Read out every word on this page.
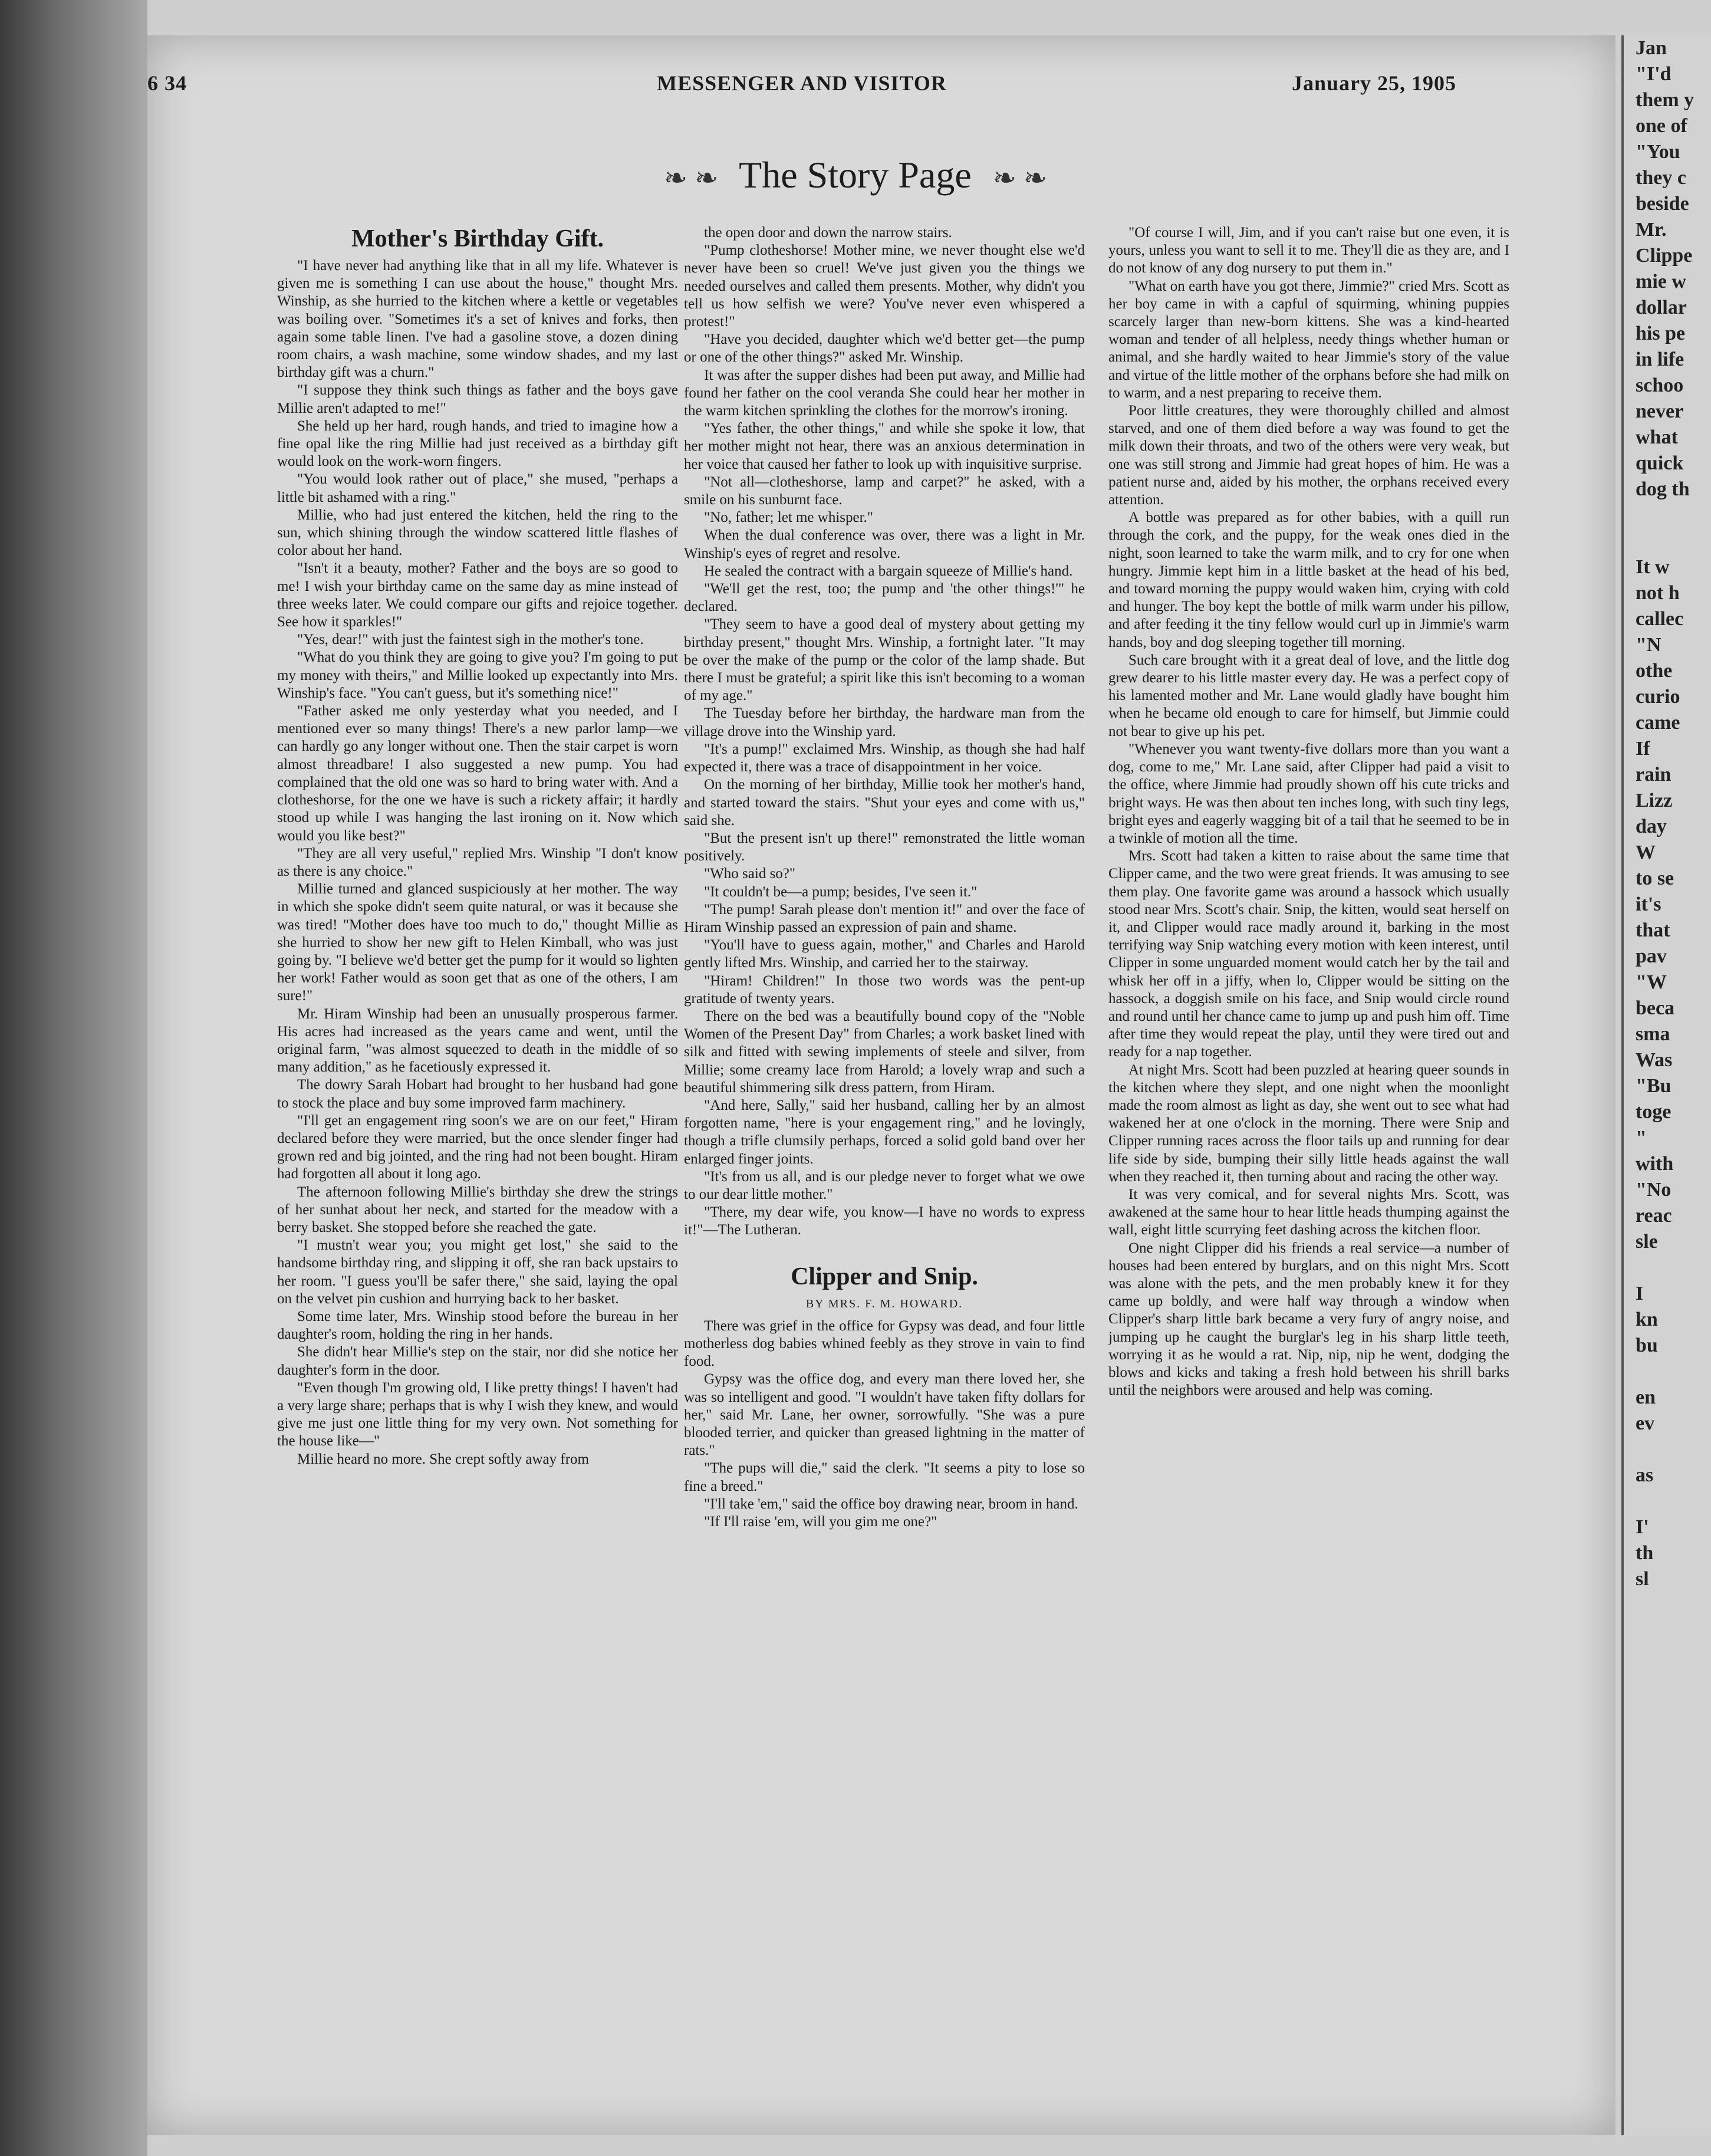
Jan
"I'd
them y
one of
"You
they c
beside
Mr.
Clippe
mie w
dollar
his pe
in life
schoo
never
what
quick
dog th

It w
not h
callec
"N
othe
curio
came
If
rain
Lizz
day
W
to se
it's
that
pav
"W
beca
sma
Was
"Bu
toge
"
with
"No
reac
sle

I
kn
bu

en
ev

as

I'
th
sl
6 34	MESSENGER AND VISITOR	January 25, 1905
❧ ❧ The Story Page ❧ ❧
Mother's Birthday Gift.

"I have never had anything like that in all my life. Whatever is given me is something I can use about the house," thought Mrs. Winship, as she hurried to the kitchen where a kettle or vegetables was boiling over. "Sometimes it's a set of knives and forks, then again some table linen. I've had a gasoline stove, a dozen dining room chairs, a wash machine, some window shades, and my last birthday gift was a churn."

"I suppose they think such things as father and the boys gave Millie aren't adapted to me!"

She held up her hard, rough hands, and tried to imagine how a fine opal like the ring Millie had just received as a birthday gift would look on the work-worn fingers.

"You would look rather out of place," she mused, "perhaps a little bit ashamed with a ring."

Millie, who had just entered the kitchen, held the ring to the sun, which shining through the window scattered little flashes of color about her hand.

"Isn't it a beauty, mother? Father and the boys are so good to me! I wish your birthday came on the same day as mine instead of three weeks later. We could compare our gifts and rejoice together. See how it sparkles!"

"Yes, dear!" with just the faintest sigh in the mother's tone.

"What do you think they are going to give you? I'm going to put my money with theirs," and Millie looked up expectantly into Mrs. Winship's face. "You can't guess, but it's something nice!"

"Father asked me only yesterday what you needed, and I mentioned ever so many things! There's a new parlor lamp—we can hardly go any longer without one. Then the stair carpet is worn almost threadbare! I also suggested a new pump. You had complained that the old one was so hard to bring water with. And a clotheshorse, for the one we have is such a rickety affair; it hardly stood up while I was hanging the last ironing on it. Now which would you like best?"

"They are all very useful," replied Mrs. Winship "I don't know as there is any choice."

Millie turned and glanced suspiciously at her mother. The way in which she spoke didn't seem quite natural, or was it because she was tired! "Mother does have too much to do," thought Millie as she hurried to show her new gift to Helen Kimball, who was just going by. "I believe we'd better get the pump for it would so lighten her work! Father would as soon get that as one of the others, I am sure!"

Mr. Hiram Winship had been an unusually prosperous farmer. His acres had increased as the years came and went, until the original farm, "was almost squeezed to death in the middle of so many addition," as he facetiously expressed it.

The dowry Sarah Hobart had brought to her husband had gone to stock the place and buy some improved farm machinery.

"I'll get an engagement ring soon's we are on our feet," Hiram declared before they were married, but the once slender finger had grown red and big jointed, and the ring had not been bought. Hiram had forgotten all about it long ago.

The afternoon following Millie's birthday she drew the strings of her sunhat about her neck, and started for the meadow with a berry basket. She stopped before she reached the gate.

"I mustn't wear you; you might get lost," she said to the handsome birthday ring, and slipping it off, she ran back upstairs to her room. "I guess you'll be safer there," she said, laying the opal on the velvet pin cushion and hurrying back to her basket.

Some time later, Mrs. Winship stood before the bureau in her daughter's room, holding the ring in her hands.

She didn't hear Millie's step on the stair, nor did she notice her daughter's form in the door.

"Even though I'm growing old, I like pretty things! I haven't had a very large share; perhaps that is why I wish they knew, and would give me just one little thing for my very own. Not something for the house like—"

Millie heard no more. She crept softly away from

the open door and down the narrow stairs.

"Pump clotheshorse! Mother mine, we never thought else we'd never have been so cruel! We've just given you the things we needed ourselves and called them presents. Mother, why didn't you tell us how selfish we were? You've never even whispered a protest!"

"Have you decided, daughter which we'd better get—the pump or one of the other things?" asked Mr. Winship.

It was after the supper dishes had been put away, and Millie had found her father on the cool veranda She could hear her mother in the warm kitchen sprinkling the clothes for the morrow's ironing.

"Yes father, the other things," and while she spoke it low, that her mother might not hear, there was an anxious determination in her voice that caused her father to look up with inquisitive surprise.

"Not all—clotheshorse, lamp and carpet?" he asked, with a smile on his sunburnt face.

"No, father; let me whisper."

When the dual conference was over, there was a light in Mr. Winship's eyes of regret and resolve.

He sealed the contract with a bargain squeeze of Millie's hand.

"We'll get the rest, too; the pump and 'the other things!'" he declared.

"They seem to have a good deal of mystery about getting my birthday present," thought Mrs. Winship, a fortnight later. "It may be over the make of the pump or the color of the lamp shade. But there I must be grateful; a spirit like this isn't becoming to a woman of my age."

The Tuesday before her birthday, the hardware man from the village drove into the Winship yard.

"It's a pump!" exclaimed Mrs. Winship, as though she had half expected it, there was a trace of disappointment in her voice.

On the morning of her birthday, Millie took her mother's hand, and started toward the stairs. "Shut your eyes and come with us," said she.

"But the present isn't up there!" remonstrated the little woman positively.

"Who said so?"

"It couldn't be—a pump; besides, I've seen it."

"The pump! Sarah please don't mention it!" and over the face of Hiram Winship passed an expression of pain and shame.

"You'll have to guess again, mother," and Charles and Harold gently lifted Mrs. Winship, and carried her to the stairway.

"Hiram! Children!" In those two words was the pent-up gratitude of twenty years.

There on the bed was a beautifully bound copy of the "Noble Women of the Present Day" from Charles; a work basket lined with silk and fitted with sewing implements of steele and silver, from Millie; some creamy lace from Harold; a lovely wrap and such a beautiful shimmering silk dress pattern, from Hiram.

"And here, Sally," said her husband, calling her by an almost forgotten name, "here is your engagement ring," and he lovingly, though a trifle clumsily perhaps, forced a solid gold band over her enlarged finger joints.

"It's from us all, and is our pledge never to forget what we owe to our dear little mother."

"There, my dear wife, you know—I have no words to express it!"—The Lutheran.

Clipper and Snip.
BY MRS. F. M. HOWARD.

There was grief in the office for Gypsy was dead, and four little motherless dog babies whined feebly as they strove in vain to find food.

Gypsy was the office dog, and every man there loved her, she was so intelligent and good. "I wouldn't have taken fifty dollars for her," said Mr. Lane, her owner, sorrowfully. "She was a pure blooded terrier, and quicker than greased lightning in the matter of rats."

"The pups will die," said the clerk. "It seems a pity to lose so fine a breed."

"I'll take 'em," said the office boy drawing near, broom in hand.

"If I'll raise 'em, will you gim me one?"

"Of course I will, Jim, and if you can't raise but one even, it is yours, unless you want to sell it to me. They'll die as they are, and I do not know of any dog nursery to put them in."

"What on earth have you got there, Jimmie?" cried Mrs. Scott as her boy came in with a capful of squirming, whining puppies scarcely larger than new-born kittens. She was a kind-hearted woman and tender of all helpless, needy things whether human or animal, and she hardly waited to hear Jimmie's story of the value and virtue of the little mother of the orphans before she had milk on to warm, and a nest preparing to receive them.

Poor little creatures, they were thoroughly chilled and almost starved, and one of them died before a way was found to get the milk down their throats, and two of the others were very weak, but one was still strong and Jimmie had great hopes of him. He was a patient nurse and, aided by his mother, the orphans received every attention.

A bottle was prepared as for other babies, with a quill run through the cork, and the puppy, for the weak ones died in the night, soon learned to take the warm milk, and to cry for one when hungry. Jimmie kept him in a little basket at the head of his bed, and toward morning the puppy would waken him, crying with cold and hunger. The boy kept the bottle of milk warm under his pillow, and after feeding it the tiny fellow would curl up in Jimmie's warm hands, boy and dog sleeping together till morning.

Such care brought with it a great deal of love, and the little dog grew dearer to his little master every day. He was a perfect copy of his lamented mother and Mr. Lane would gladly have bought him when he became old enough to care for himself, but Jimmie could not bear to give up his pet.

"Whenever you want twenty-five dollars more than you want a dog, come to me," Mr. Lane said, after Clipper had paid a visit to the office, where Jimmie had proudly shown off his cute tricks and bright ways. He was then about ten inches long, with such tiny legs, bright eyes and eagerly wagging bit of a tail that he seemed to be in a twinkle of motion all the time.

Mrs. Scott had taken a kitten to raise about the same time that Clipper came, and the two were great friends. It was amusing to see them play. One favorite game was around a hassock which usually stood near Mrs. Scott's chair. Snip, the kitten, would seat herself on it, and Clipper would race madly around it, barking in the most terrifying way Snip watching every motion with keen interest, until Clipper in some unguarded moment would catch her by the tail and whisk her off in a jiffy, when lo, Clipper would be sitting on the hassock, a doggish smile on his face, and Snip would circle round and round until her chance came to jump up and push him off. Time after time they would repeat the play, until they were tired out and ready for a nap together.

At night Mrs. Scott had been puzzled at hearing queer sounds in the kitchen where they slept, and one night when the moonlight made the room almost as light as day, she went out to see what had wakened her at one o'clock in the morning. There were Snip and Clipper running races across the floor tails up and running for dear life side by side, bumping their silly little heads against the wall when they reached it, then turning about and racing the other way.

It was very comical, and for several nights Mrs. Scott, was awakened at the same hour to hear little heads thumping against the wall, eight little scurrying feet dashing across the kitchen floor.

One night Clipper did his friends a real service—a number of houses had been entered by burglars, and on this night Mrs. Scott was alone with the pets, and the men probably knew it for they came up boldly, and were half way through a window when Clipper's sharp little bark became a very fury of angry noise, and jumping up he caught the burglar's leg in his sharp little teeth, worrying it as he would a rat. Nip, nip, nip he went, dodging the blows and kicks and taking a fresh hold between his shrill barks until the neighbors were aroused and help was coming.
